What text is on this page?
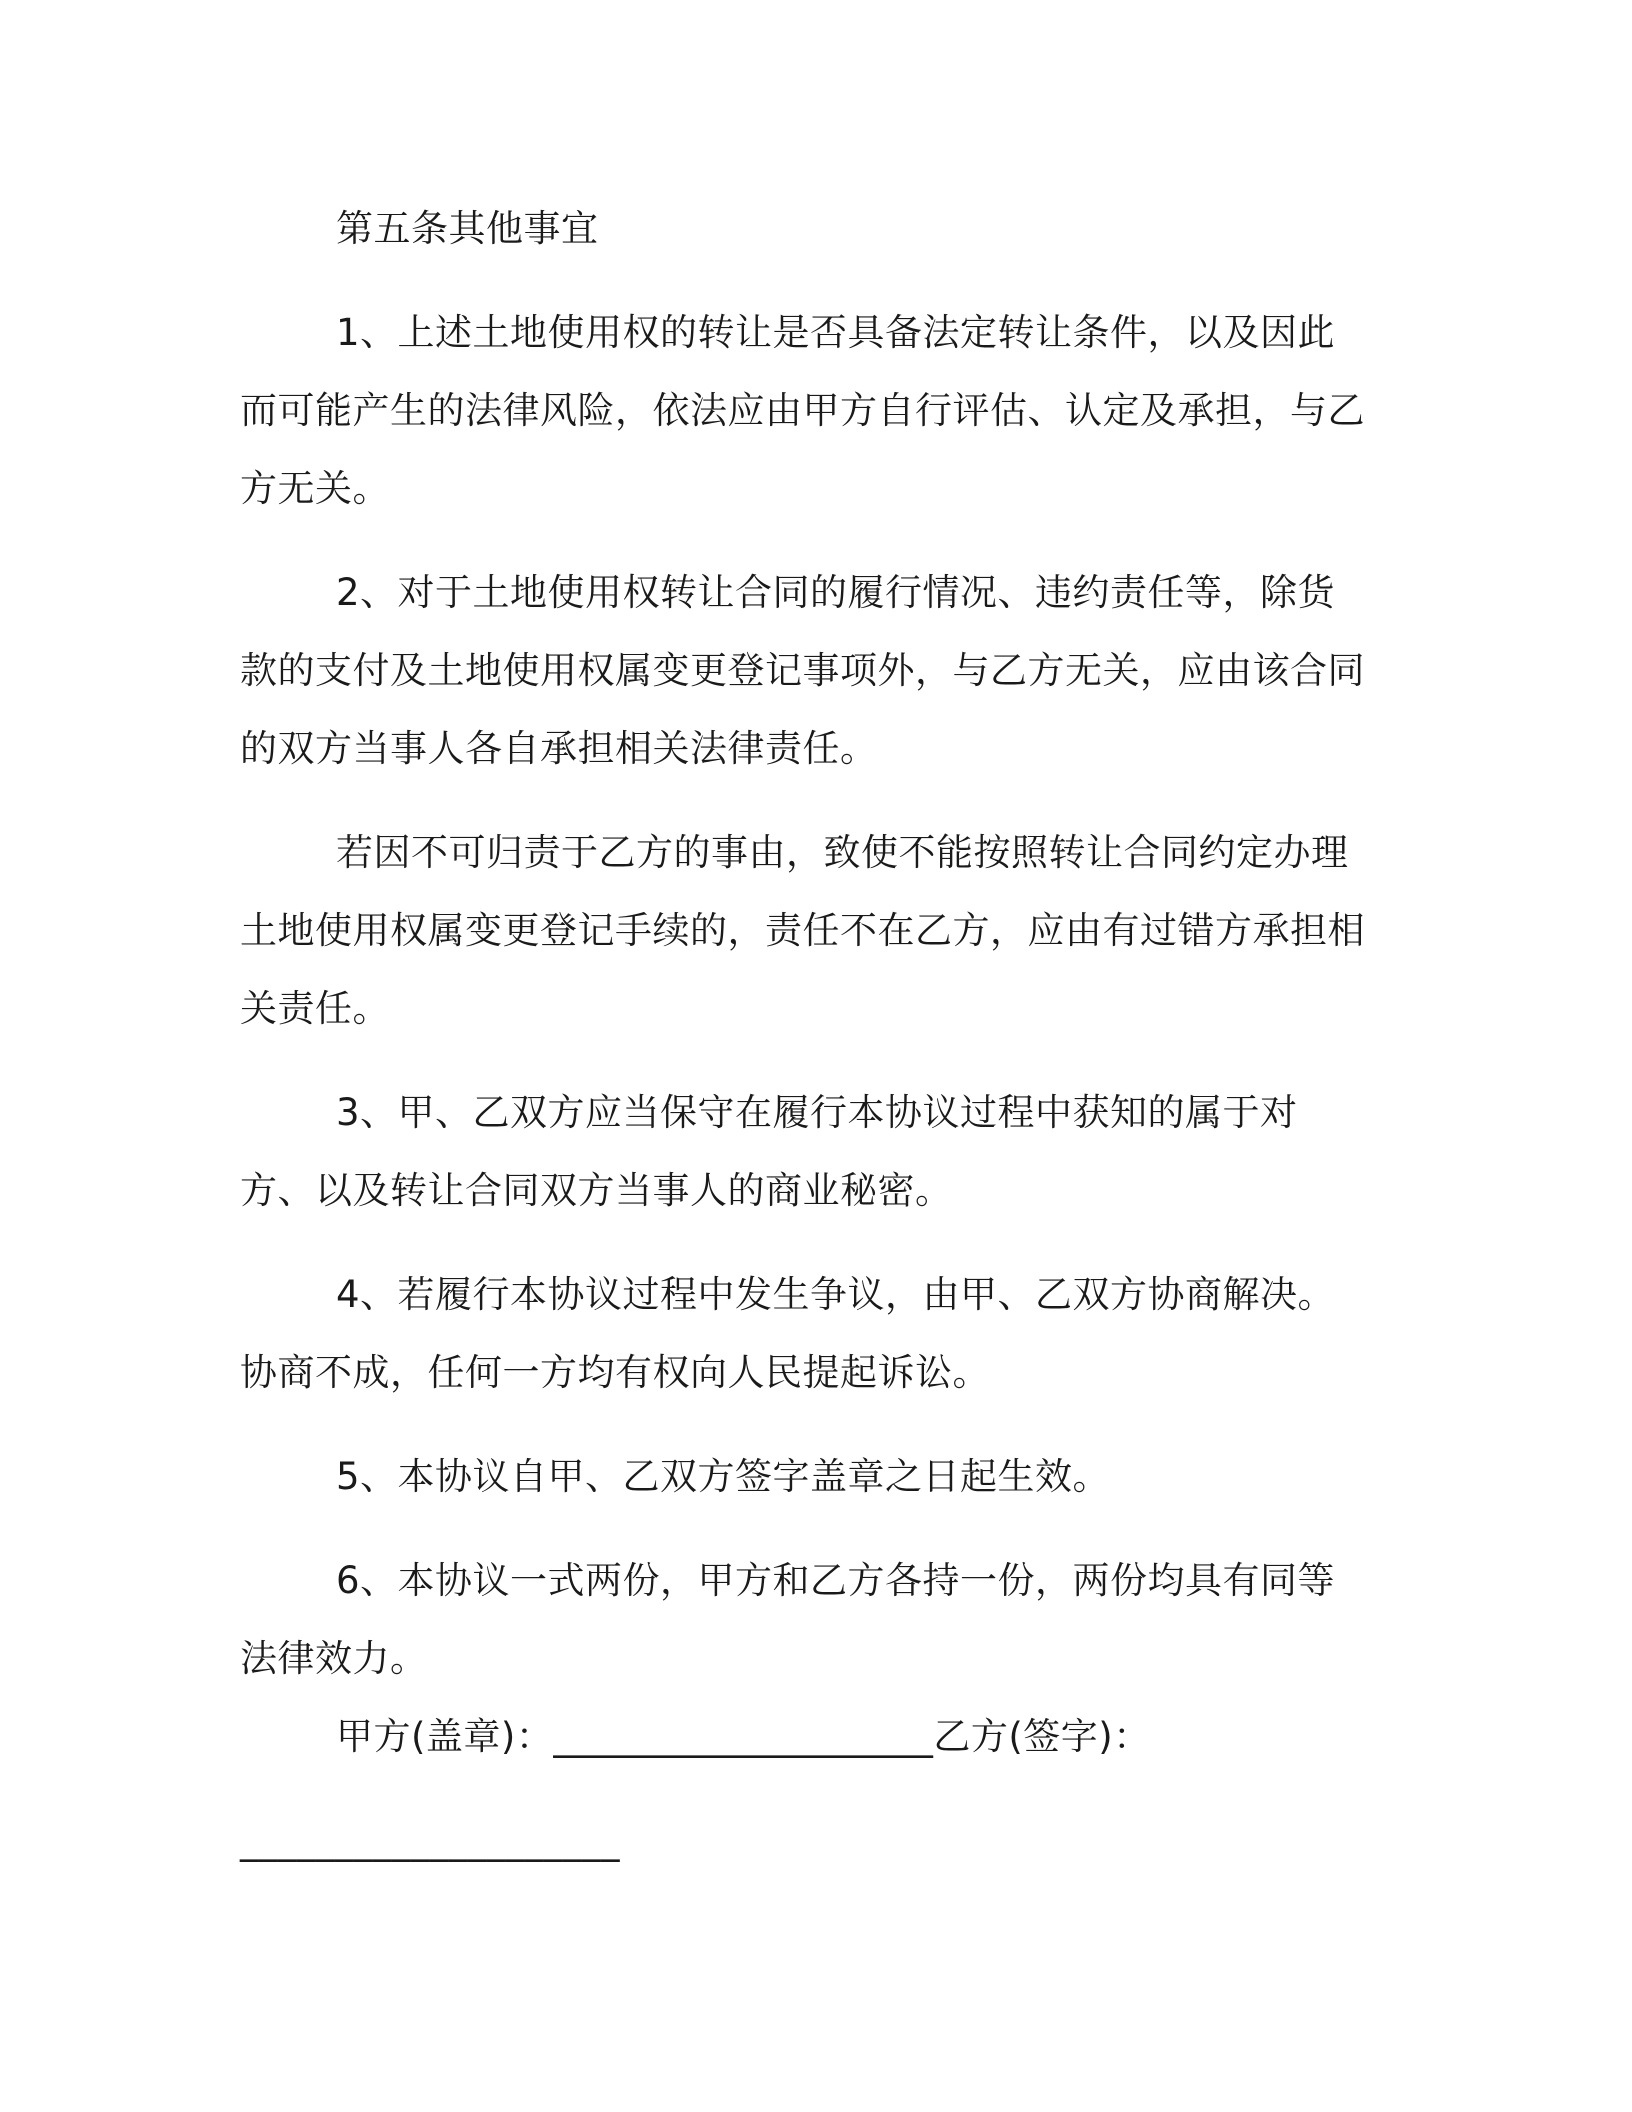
第五条其他事宜

1、上述土地使用权的转让是否具备法定转让条件，以及因此而可能产生的法律风险，依法应由甲方自行评估、认定及承担，与乙方无关。

2、对于土地使用权转让合同的履行情况、违约责任等，除货款的支付及土地使用权属变更登记事项外，与乙方无关，应由该合同的双方当事人各自承担相关法律责任。

若因不可归责于乙方的事由，致使不能按照转让合同约定办理土地使用权属变更登记手续的，责任不在乙方，应由有过错方承担相关责任。

3、甲、乙双方应当保守在履行本协议过程中获知的属于对方、以及转让合同双方当事人的商业秘密。

4、若履行本协议过程中发生争议，由甲、乙双方协商解决。协商不成，任何一方均有权向人民提起诉讼。

5、本协议自甲、乙双方签字盖章之日起生效。

6、本协议一式两份，甲方和乙方各持一份，两份均具有同等法律效力。

甲方(盖章)：____________________乙方(签字)：

____________________
